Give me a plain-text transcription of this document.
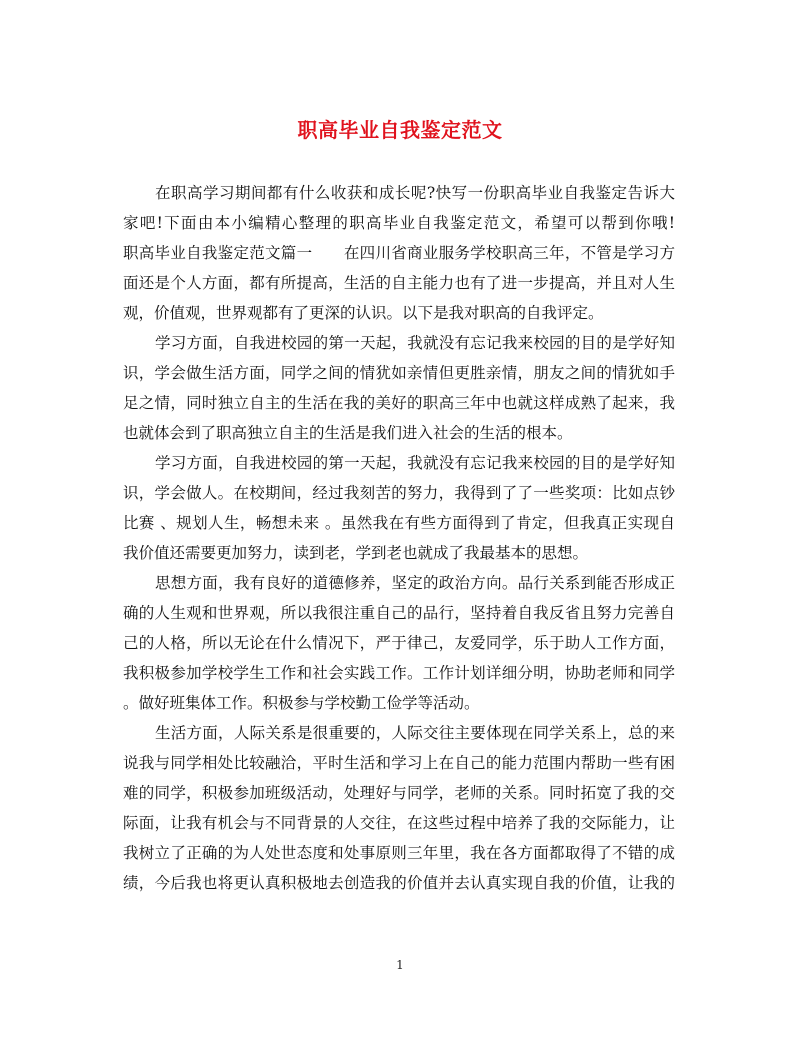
职高毕业自我鉴定范文
在职高学习期间都有什么收获和成长呢?快写一份职高毕业自我鉴定告诉大
家吧!下面由本小编精心整理的职高毕业自我鉴定范文，希望可以帮到你哦!
职高毕业自我鉴定范文篇一　　在四川省商业服务学校职高三年，不管是学习方
面还是个人方面，都有所提高，生活的自主能力也有了进一步提高，并且对人生
观，价值观，世界观都有了更深的认识。以下是我对职高的自我评定。
学习方面，自我进校园的第一天起，我就没有忘记我来校园的目的是学好知
识，学会做生活方面，同学之间的情犹如亲情但更胜亲情，朋友之间的情犹如手
足之情，同时独立自主的生活在我的美好的职高三年中也就这样成熟了起来，我
也就体会到了职高独立自主的生活是我们进入社会的生活的根本。
学习方面，自我进校园的第一天起，我就没有忘记我来校园的目的是学好知
识，学会做人。在校期间，经过我刻苦的努力，我得到了了一些奖项：比如点钞
比赛 、规划人生，畅想未来 。虽然我在有些方面得到了肯定，但我真正实现自
我价值还需要更加努力，读到老，学到老也就成了我最基本的思想。
思想方面，我有良好的道德修养，坚定的政治方向。品行关系到能否形成正
确的人生观和世界观，所以我很注重自己的品行，坚持着自我反省且努力完善自
己的人格，所以无论在什么情况下，严于律己，友爱同学，乐于助人工作方面，
我积极参加学校学生工作和社会实践工作。工作计划详细分明，协助老师和同学
。做好班集体工作。积极参与学校勤工俭学等活动。
生活方面，人际关系是很重要的，人际交往主要体现在同学关系上，总的来
说我与同学相处比较融洽，平时生活和学习上在自己的能力范围内帮助一些有困
难的同学，积极参加班级活动，处理好与同学，老师的关系。同时拓宽了我的交
际面，让我有机会与不同背景的人交往，在这些过程中培养了我的交际能力，让
我树立了正确的为人处世态度和处事原则三年里，我在各方面都取得了不错的成
绩，今后我也将更认真积极地去创造我的价值并去认真实现自我的价值，让我的
1
